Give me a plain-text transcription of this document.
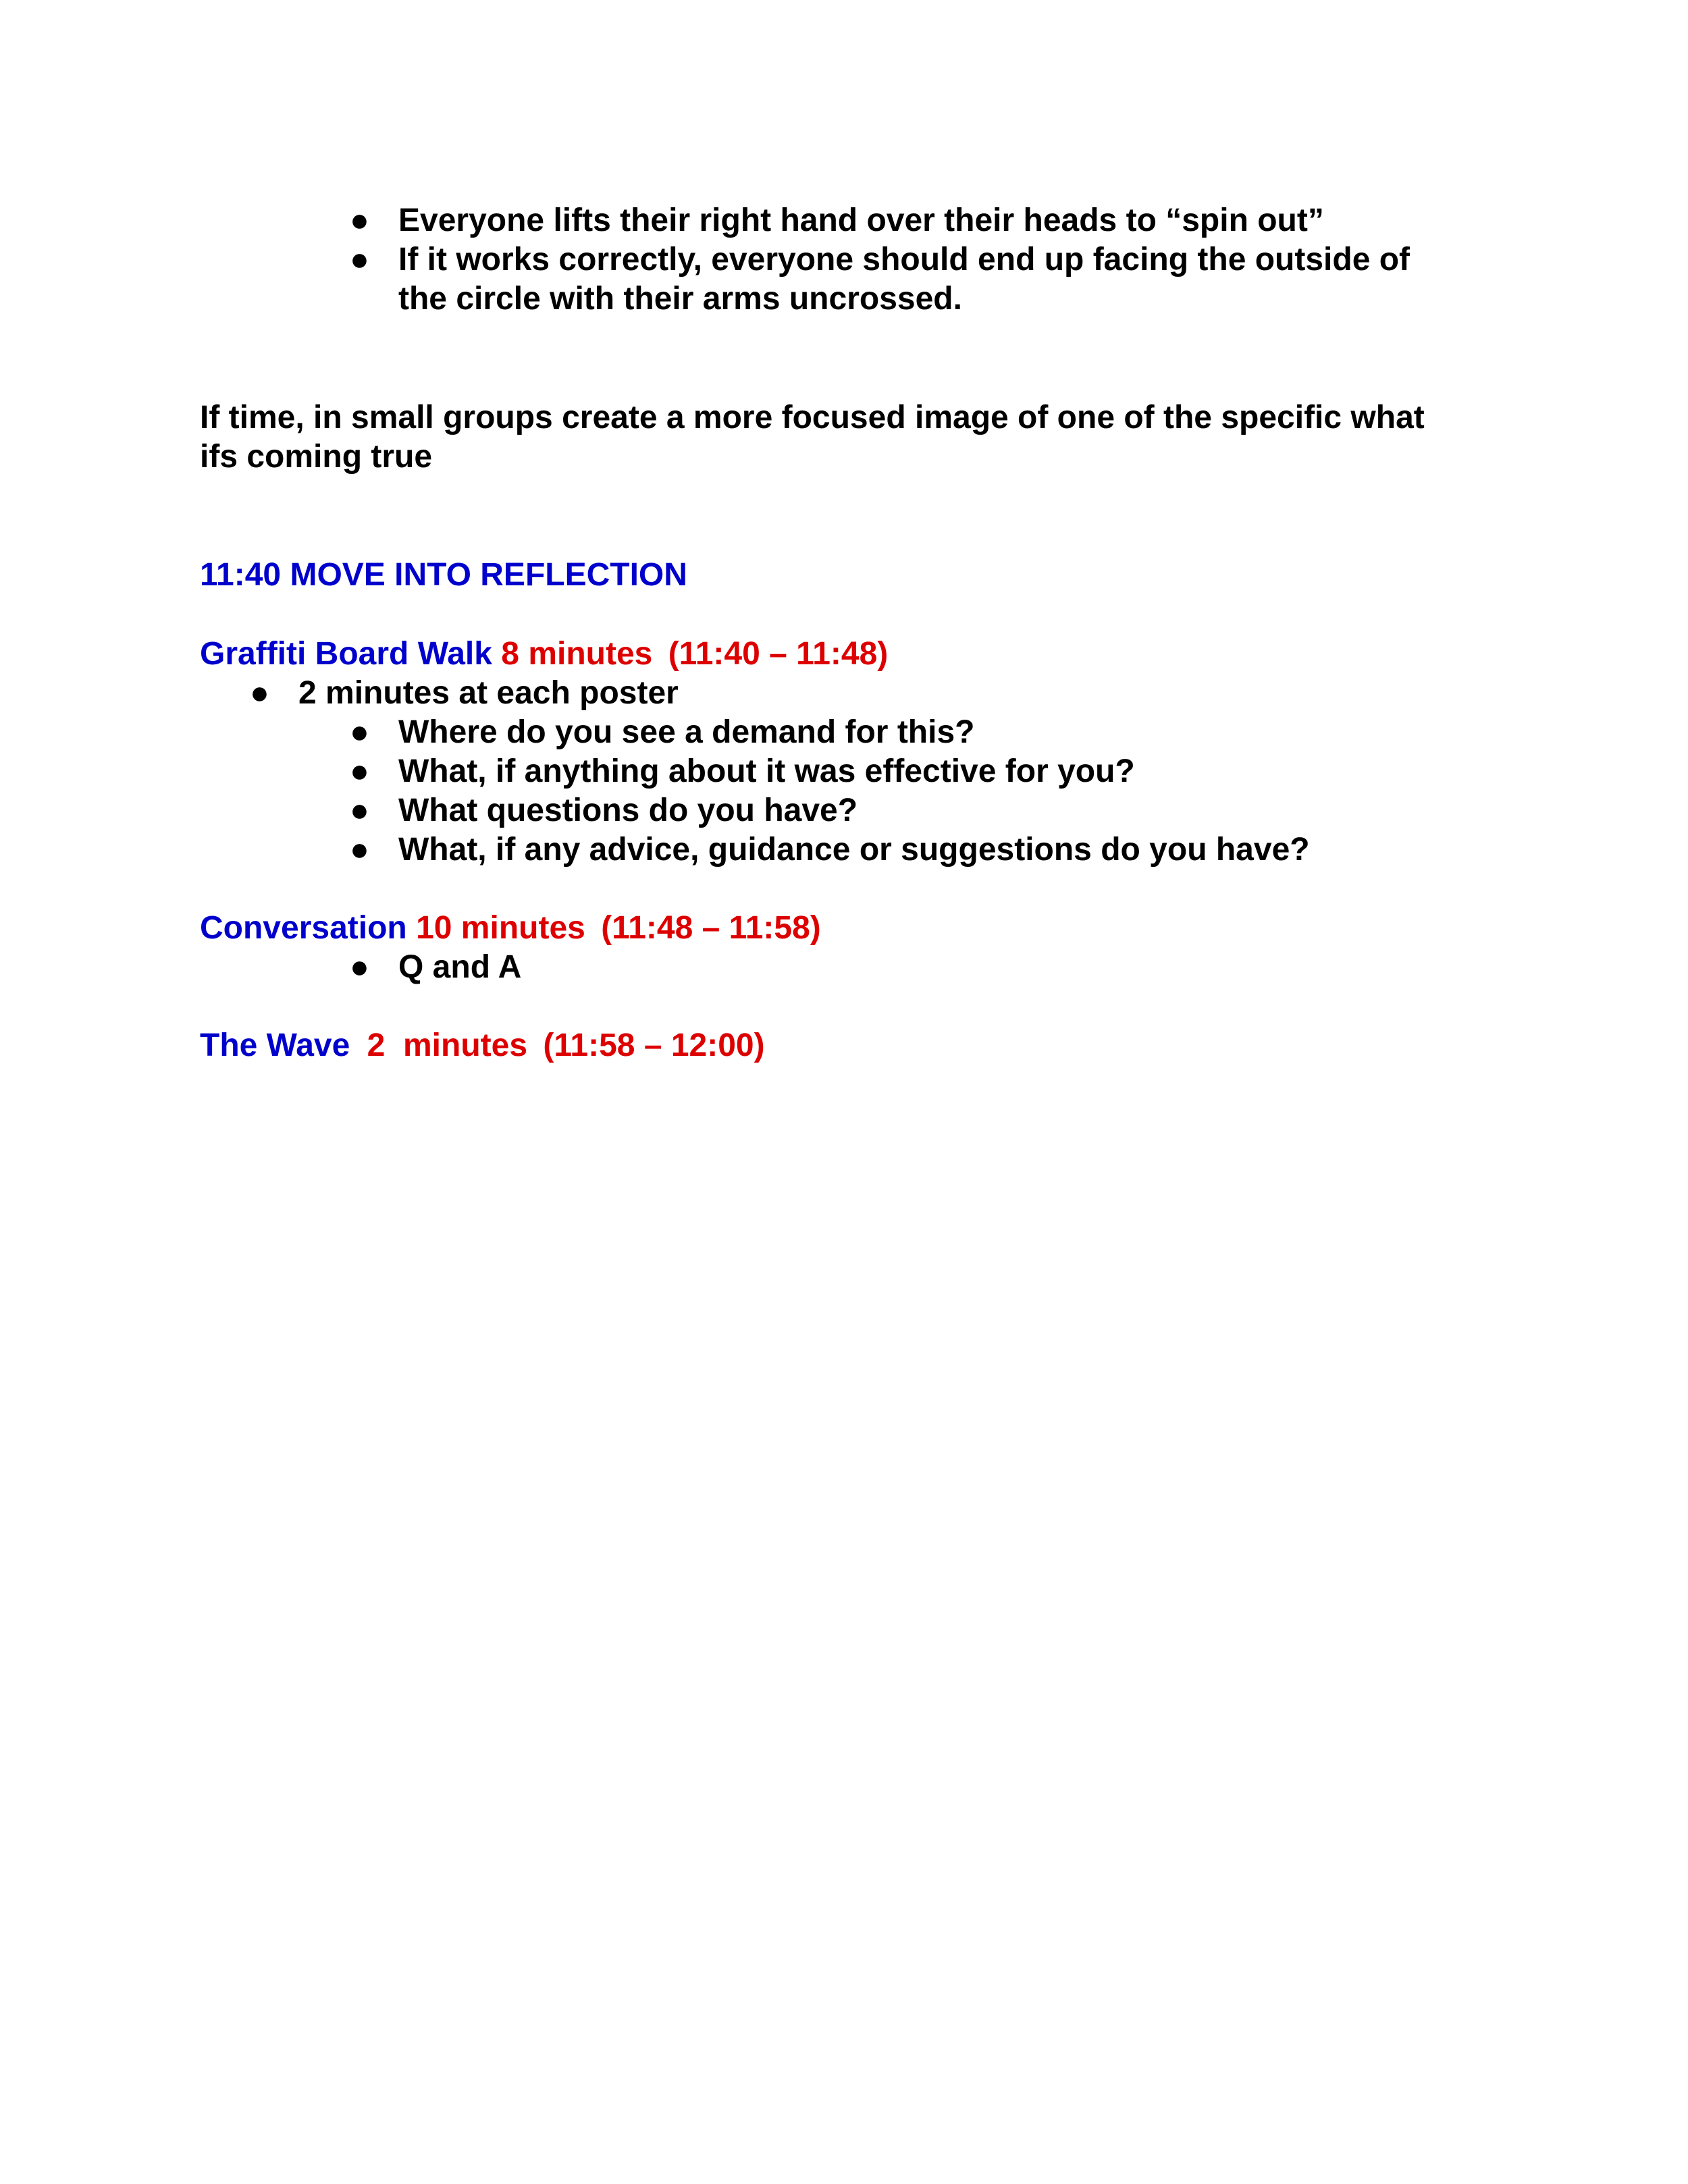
● Everyone lifts their right hand over their heads to “spin out”
● If it works correctly, everyone should end up facing the outside of
the circle with their arms uncrossed.
If time, in small groups create a more focused image of one of the specific what
ifs coming true
11:40 MOVE INTO REFLECTION
Graffiti Board Walk 8 minutes (11:40 – 11:48)
● 2 minutes at each poster
● Where do you see a demand for this?
● What, if anything about it was effective for you?
● What questions do you have?
● What, if any advice, guidance or suggestions do you have?
Conversation 10 minutes (11:48 – 11:58)
● Q and A
The Wave 2  minutes (11:58 – 12:00)
